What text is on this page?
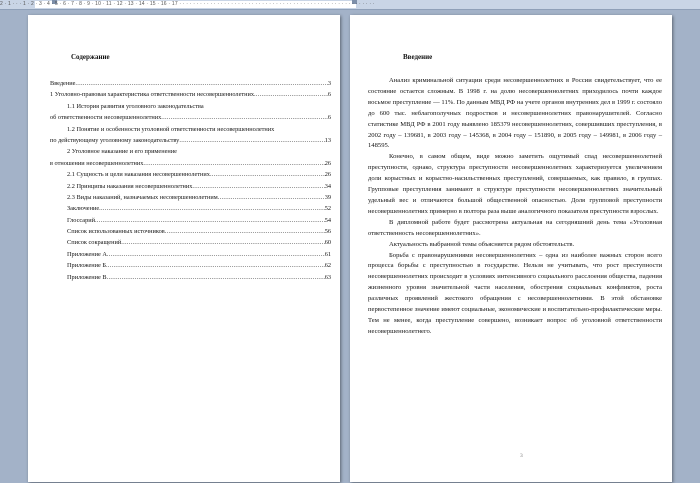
2 · 1 · · · 1 · 2 · 3 · 4 · 5 · 6 · 7 · 8 · 9 · 10 · 11 · 12 · 13 · 14 · 15 · 16 · 17 · · · · · · · · · · · · · · · · · · · · · · · · · · · · · · · · · · · · · · · · · · · · · · · · · · · · · · · · ·
Содержание
Введение .....	3
1 Уголовно-правовая характеристика ответственности несовершеннолетних .....	6
1.1 История развития уголовного законодательства
об ответственности несовершеннолетних .....	6
1.2 Понятие и особенности уголовной ответственности несовершеннолетних
по действующему уголовному законодательству .....	13
2 Уголовное наказание и его применение
в отношении несовершеннолетних .....	26
2.1 Сущность и цели наказания несовершеннолетних .....	26
2.2 Принципы наказания несовершеннолетних .....	34
2.3 Виды наказаний, назначаемых несовершеннолетним .....	39
Заключение .....	52
Глоссарий .....	54
Список использованных источников .....	56
Список сокращений .....	60
Приложение А .....	61
Приложение Б .....	62
Приложение В .....	63
Введение

Анализ криминальной ситуации среди несовершеннолетних в России свидетельствует, что ее состояние остается сложным. В 1998 г. на долю несовершеннолетних приходилось почти каждое восьмое преступление — 11%. По данным МВД РФ на учете органов внутренних дел в 1999 г. состояло до 600 тыс. неблагополучных подростков и несовершеннолетних правонарушителей. Согласно статистике МВД РФ в 2001 году выявлено 185379 несовершеннолетних, совершивших преступления, в 2002 году – 139681, в 2003 году – 145368, в 2004 году – 151890, в 2005 году – 149981, в 2006 году – 148595.

Конечно, в самом общем, виде можно заметить ощутимый спад несовершеннолетней преступности, однако, структура преступности несовершеннолетних характеризуется увеличением доли корыстных и корыстно-насильственных преступлений, совершаемых, как правило, в группах. Групповые преступления занимают в структуре преступности несовершеннолетних значительный удельный вес и отличаются большой общественной опасностью. Доля групповой преступности несовершеннолетних примерно в полтора раза выше аналогичного показателя преступности взрослых.

В дипломной работе будет рассмотрена актуальная на сегодняшний день тема «Уголовная ответственность несовершеннолетних».

Актуальность выбранной темы объясняется рядом обстоятельств.

Борьба с правонарушениями несовершеннолетних – одна из наиболее важных сторон всего процесса борьбы с преступностью в государстве. Нельзя не учитывать, что рост преступности несовершеннолетних происходит в условиях интенсивного социального расслоения общества, падения жизненного уровня значительной части населения, обострения социальных конфликтов, роста различных проявлений жестокого обращения с несовершеннолетними. В этой обстановке первостепенное значение имеют социальные, экономические и воспитательно-профилактические меры. Тем не менее, когда преступление совершено, возникает вопрос об уголовной ответственности несовершеннолетнего.

3
